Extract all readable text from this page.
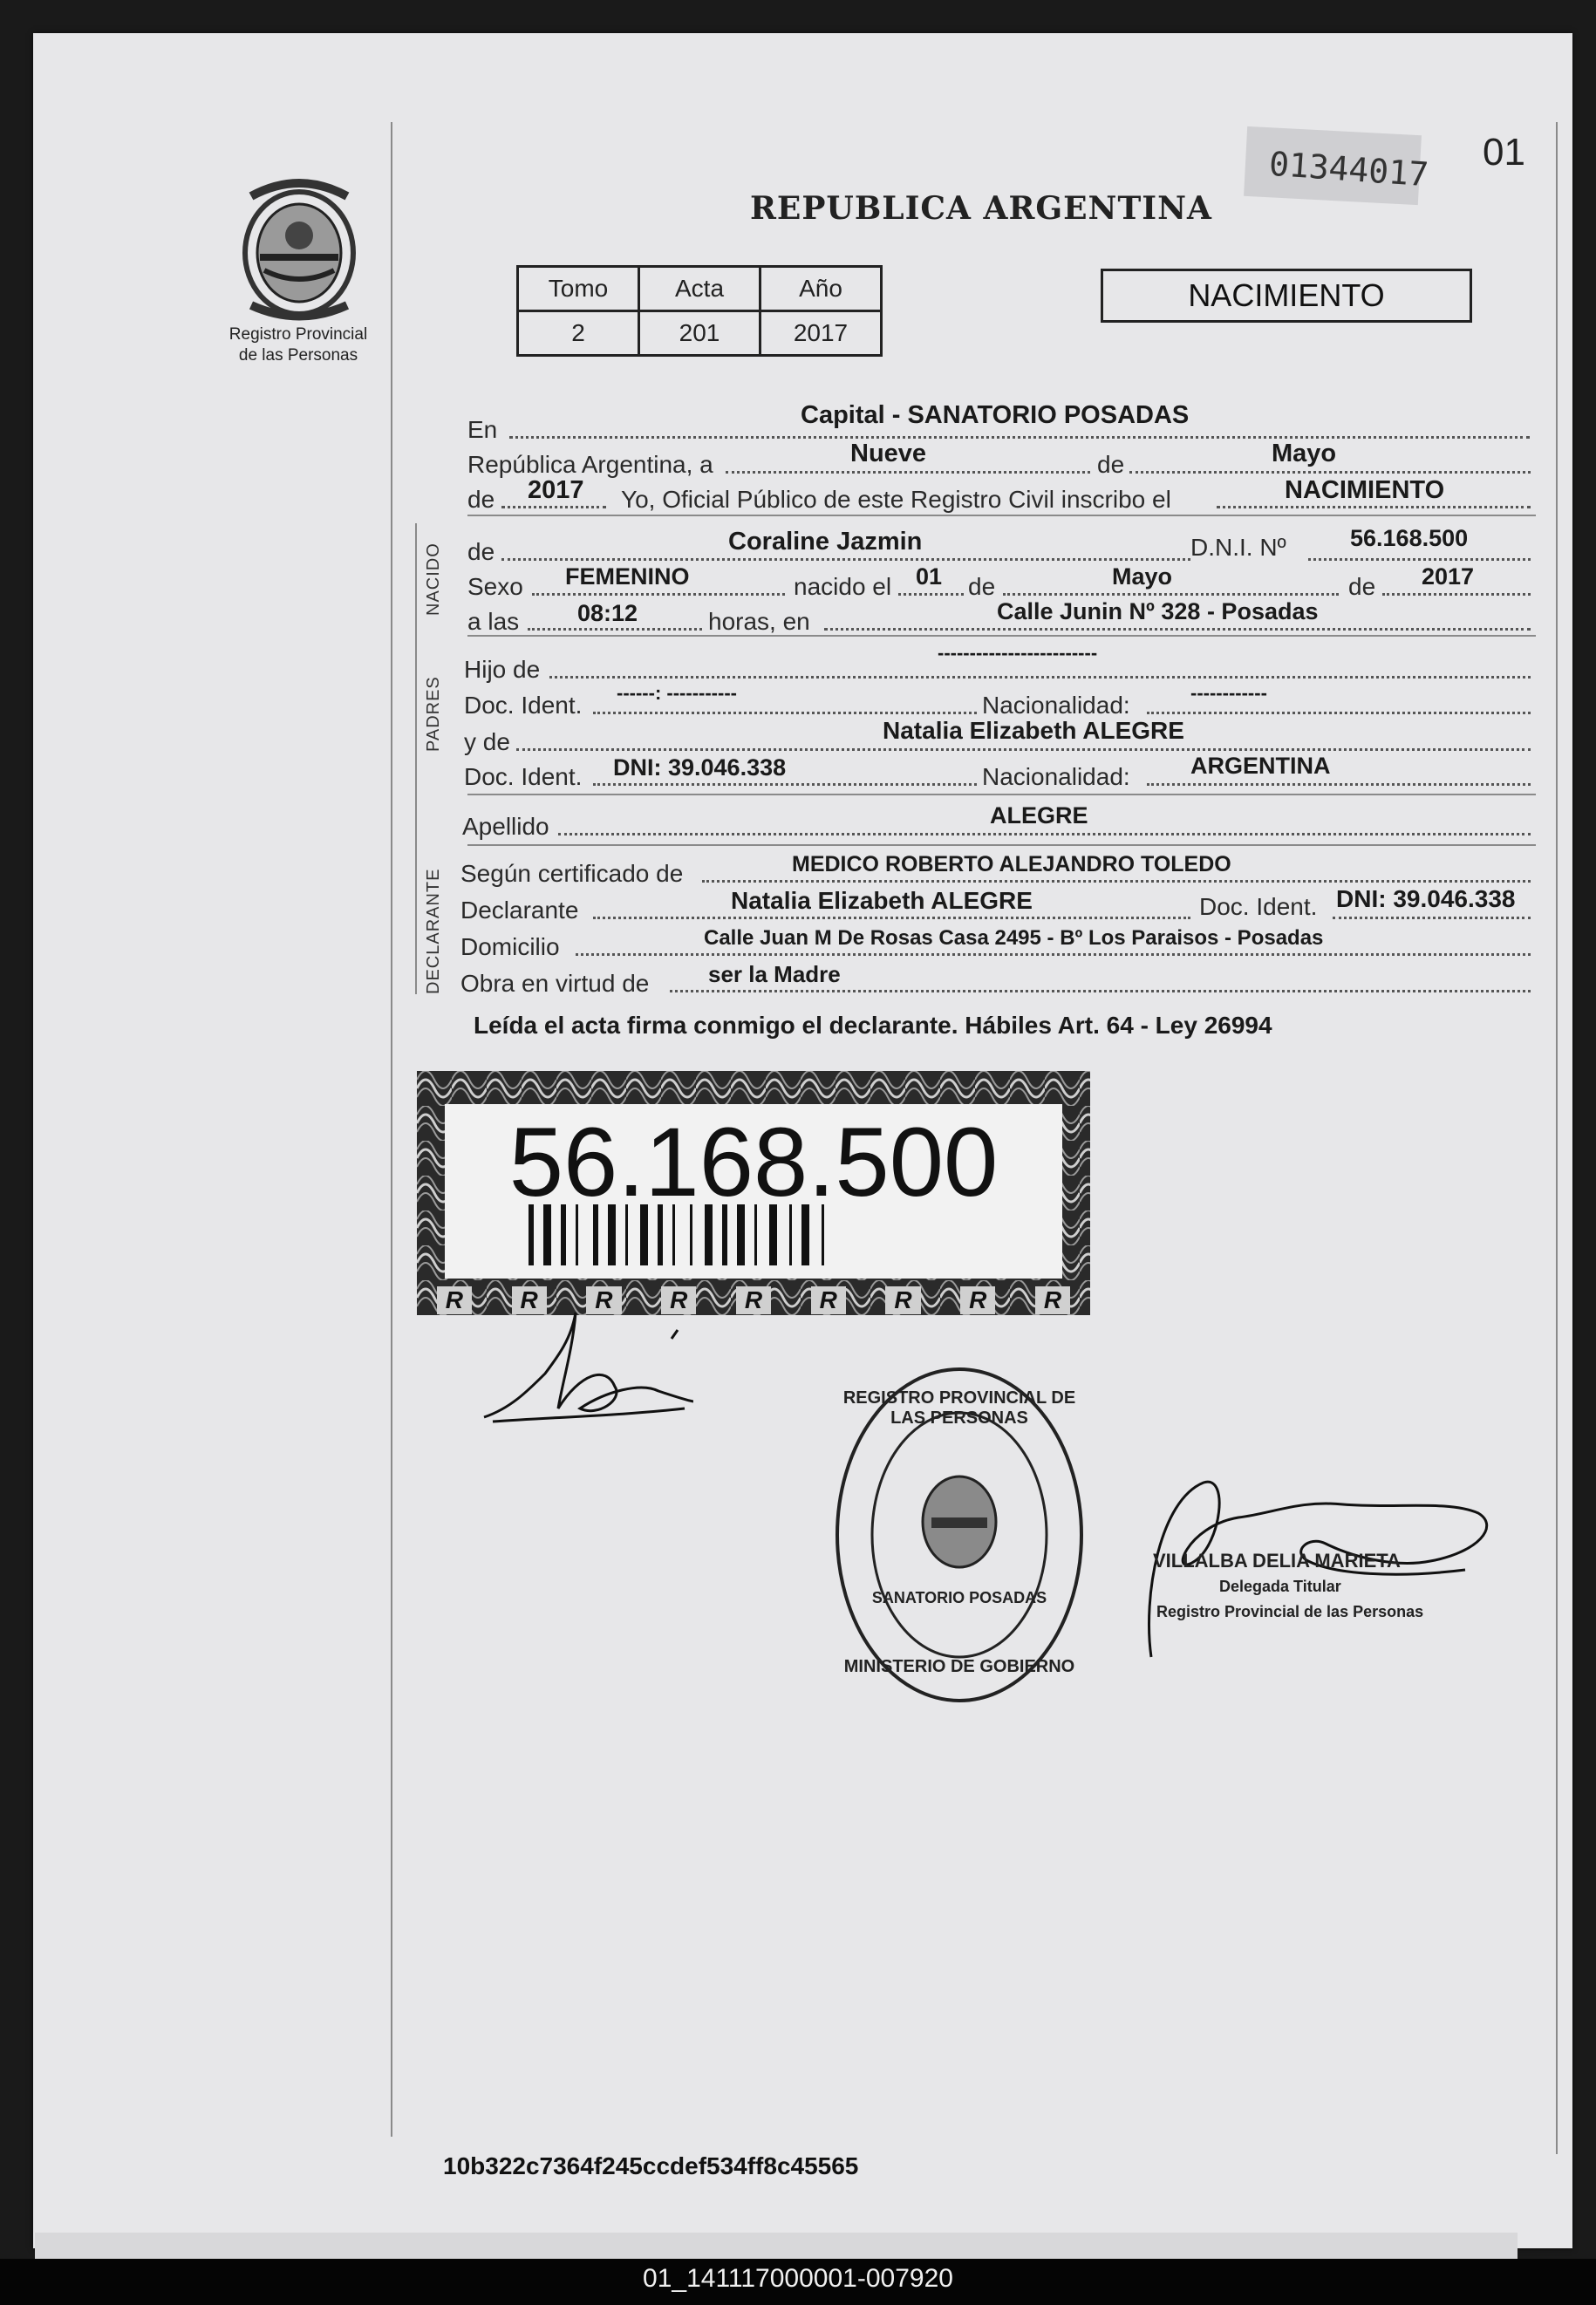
Registro Provincial
de las Personas
REPUBLICA ARGENTINA
01344017 01
Tomo	Acta	Año
2	201	2017
NACIMIENTO
En
Capital - SANATORIO POSADAS
República Argentina, a	Nueve	de	Mayo
de 2017 Yo, Oficial Público de este Registro Civil inscribo el	NACIMIENTO
NACIDO de	Coraline Jazmin	D.N.I. Nº	56.168.500
Sexo FEMENINO	nacido el 01 de	Mayo	de 2017
a las 08:12	horas, en	Calle Junin Nº 328 - Posadas
PADRES
Hijo de
-------------------------
Doc. Ident. ------: -----------	Nacionalidad:	------------
y de	Natalia Elizabeth ALEGRE
Doc. Ident. DNI: 39.046.338	Nacionalidad:	ARGENTINA
Apellido	ALEGRE
DECLARANTE Según certificado de	MEDICO ROBERTO ALEJANDRO TOLEDO
Declarante	Natalia Elizabeth ALEGRE	Doc. Ident. DNI: 39.046.338
Domicilio	Calle Juan M De Rosas Casa 2495 - Bº Los Paraisos - Posadas
Obra en virtud de	ser la Madre
Leída el acta firma conmigo el declarante. Hábiles Art. 64 - Ley 26994
56.168.500
R	R	R	R	R	R	R	R	R
REGISTRO PROVINCIAL DE LAS PERSONAS
SANATORIO POSADAS
MINISTERIO DE GOBIERNO
VILLALBA DELIA MARIETA
Delegada Titular
Registro Provincial de las Personas
10b322c7364f245ccdef534ff8c45565
01_141117000001-007920
